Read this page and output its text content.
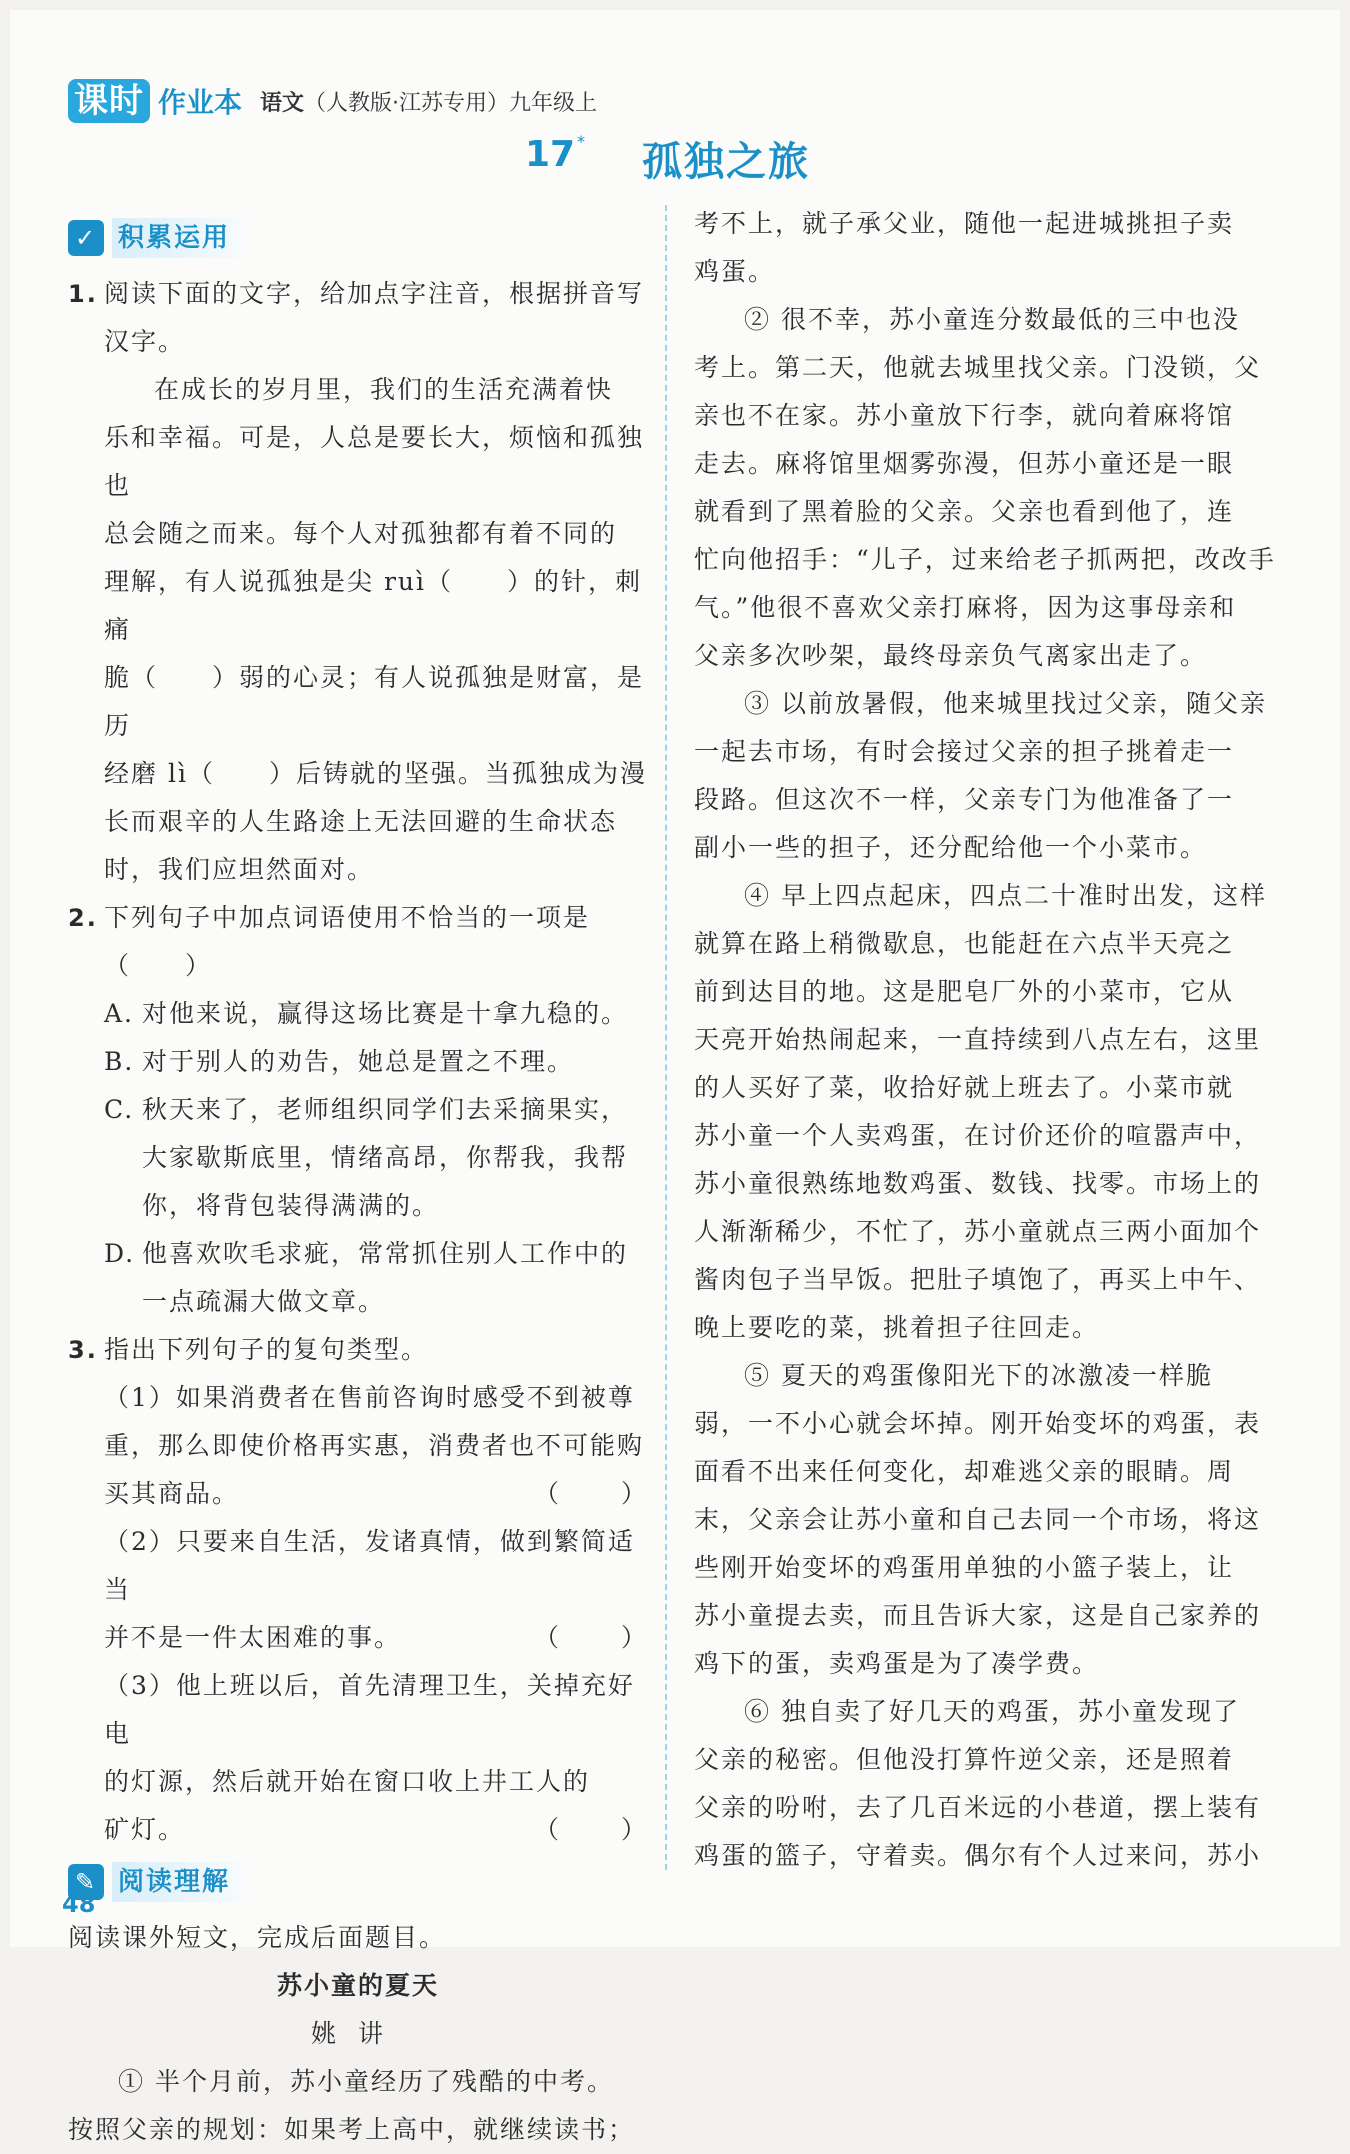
课时 作业本 语文（人教版·江苏专用）九年级上
17 * 孤独之旅
✓ 积累运用
1. 阅读下面的文字，给加点字注音，根据拼音写汉字。
在成长的岁月里，我们的生活充满着快
乐和幸福。可是，人总是要长大，烦恼和孤独也
总会随之而来。每个人对孤独都有着不同的
理解，有人说孤独是尖 ruì（　　）的针，刺痛
脆（　　）弱的心灵；有人说孤独是财富，是历
经磨 lì（　　）后铸就的坚强。当孤独成为漫
长而艰辛的人生路途上无法回避的生命状态
时，我们应坦然面对。
2. 下列句子中加点词语使用不恰当的一项是（　　）
A. 对他来说，赢得这场比赛是十拿九稳的。
B. 对于别人的劝告，她总是置之不理。
C. 秋天来了，老师组织同学们去采摘果实，
大家歇斯底里，情绪高昂，你帮我，我帮
你，将背包装得满满的。
D. 他喜欢吹毛求疵，常常抓住别人工作中的
一点疏漏大做文章。
3. 指出下列句子的复句类型。
（1）如果消费者在售前咨询时感受不到被尊
重，那么即使价格再实惠，消费者也不可能购
买其商品。	（ ）
（2）只要来自生活，发诸真情，做到繁简适当
并不是一件太困难的事。	（ ）
（3）他上班以后，首先清理卫生，关掉充好电
的灯源，然后就开始在窗口收上井工人的
矿灯。	（ ）
✎ 阅读理解
阅读课外短文，完成后面题目。
苏小童的夏天
姚讲
① 半个月前，苏小童经历了残酷的中考。
按照父亲的规划：如果考上高中，就继续读书；
考不上，就子承父业，随他一起进城挑担子卖
鸡蛋。
② 很不幸，苏小童连分数最低的三中也没
考上。第二天，他就去城里找父亲。门没锁，父
亲也不在家。苏小童放下行李，就向着麻将馆
走去。麻将馆里烟雾弥漫，但苏小童还是一眼
就看到了黑着脸的父亲。父亲也看到他了，连
忙向他招手：“儿子，过来给老子抓两把，改改手
气。”他很不喜欢父亲打麻将，因为这事母亲和
父亲多次吵架，最终母亲负气离家出走了。
③ 以前放暑假，他来城里找过父亲，随父亲
一起去市场，有时会接过父亲的担子挑着走一
段路。但这次不一样，父亲专门为他准备了一
副小一些的担子，还分配给他一个小菜市。
④ 早上四点起床，四点二十准时出发，这样
就算在路上稍微歇息，也能赶在六点半天亮之
前到达目的地。这是肥皂厂外的小菜市，它从
天亮开始热闹起来，一直持续到八点左右，这里
的人买好了菜，收拾好就上班去了。小菜市就
苏小童一个人卖鸡蛋，在讨价还价的喧嚣声中，
苏小童很熟练地数鸡蛋、数钱、找零。市场上的
人渐渐稀少，不忙了，苏小童就点三两小面加个
酱肉包子当早饭。把肚子填饱了，再买上中午、
晚上要吃的菜，挑着担子往回走。
⑤ 夏天的鸡蛋像阳光下的冰激凌一样脆
弱，一不小心就会坏掉。刚开始变坏的鸡蛋，表
面看不出来任何变化，却难逃父亲的眼睛。周
末，父亲会让苏小童和自己去同一个市场，将这
些刚开始变坏的鸡蛋用单独的小篮子装上，让
苏小童提去卖，而且告诉大家，这是自己家养的
鸡下的蛋，卖鸡蛋是为了凑学费。
⑥ 独自卖了好几天的鸡蛋，苏小童发现了
父亲的秘密。但他没打算忤逆父亲，还是照着
父亲的吩咐，去了几百米远的小巷道，摆上装有
鸡蛋的篮子，守着卖。偶尔有个人过来问，苏小
48
